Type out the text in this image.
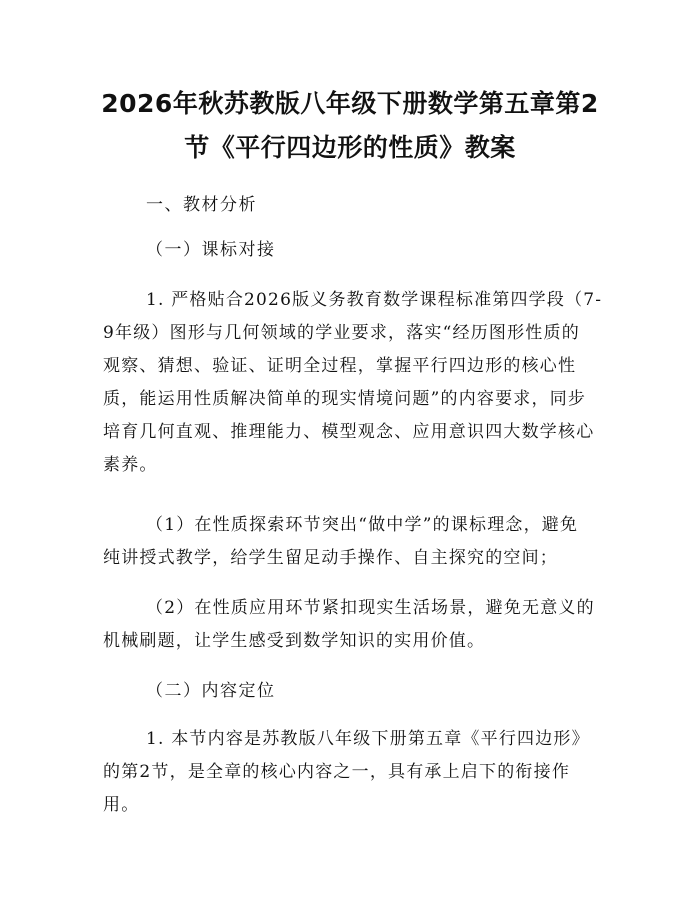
2026年秋苏教版八年级下册数学第五章第2
节《平行四边形的性质》教案
一、教材分析
（一）课标对接
1. 严格贴合2026版义务教育数学课程标准第四学段（7-
9年级）图形与几何领域的学业要求，落实“经历图形性质的
观察、猜想、验证、证明全过程，掌握平行四边形的核心性
质，能运用性质解决简单的现实情境问题”的内容要求，同步
培育几何直观、推理能力、模型观念、应用意识四大数学核心
素养。
（1）在性质探索环节突出“做中学”的课标理念，避免
纯讲授式教学，给学生留足动手操作、自主探究的空间；
（2）在性质应用环节紧扣现实生活场景，避免无意义的
机械刷题，让学生感受到数学知识的实用价值。
（二）内容定位
1. 本节内容是苏教版八年级下册第五章《平行四边形》
的第2节，是全章的核心内容之一，具有承上启下的衔接作
用。
